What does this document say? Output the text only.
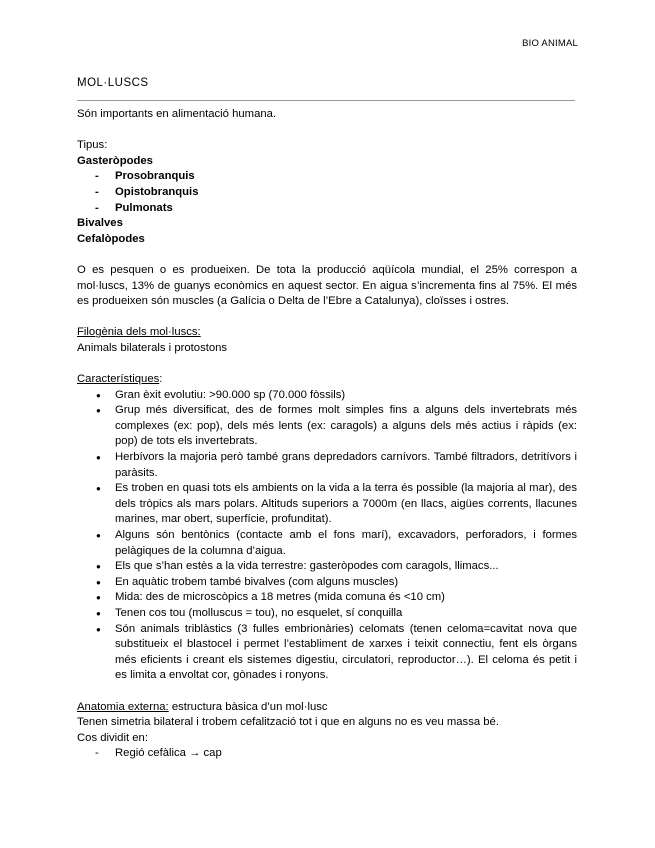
BIO ANIMAL
MOL·LUSCS

Són importants en alimentació humana.

Tipus:

Gasteròpodes

- Prosobranquis
- Opistobranquis
- Pulmonats

Bivalves

Cefalòpodes

O es pesquen o es produeixen. De tota la producció aqüícola mundial, el 25% correspon a mol·luscs, 13% de guanys econòmics en aquest sector. En aigua s’incrementa fins al 75%. El més es produeixen són muscles (a Galícia o Delta de l’Ebre a Catalunya), cloïsses i ostres.

Filogènia dels mol·luscs:

Animals bilaterals i protostons

Característiques:

● Gran èxit evolutiu: >90.000 sp (70.000 fòssils)
● Grup més diversificat, des de formes molt simples fins a alguns dels invertebrats més complexes (ex: pop), dels més lents (ex: caragols) a alguns dels més actius i ràpids (ex: pop) de tots els invertebrats.
● Herbívors la majoria però també grans depredadors carnívors. També filtradors, detritívors i paràsits.
● Es troben en quasi tots els ambients on la vida a la terra és possible (la majoria al mar), des dels tròpics als mars polars. Altituds superiors a 7000m (en llacs, aigües corrents, llacunes marines, mar obert, superfície, profunditat).
● Alguns són bentònics (contacte amb el fons marí), excavadors, perforadors, i formes pelàgiques de la columna d’aigua.
● Els que s’han estès a la vida terrestre: gasteròpodes com caragols, llimacs...
● En aquàtic trobem també bivalves (com alguns muscles)
● Mida: des de microscòpics a 18 metres (mida comuna és <10 cm)
● Tenen cos tou (molluscus = tou), no esquelet, sí conquilla
● Són animals triblàstics (3 fulles embrionàries) celomats (tenen celoma=cavitat nova que substitueix el blastocel i permet l’establiment de xarxes i teixit connectiu, fent els òrgans més eficients i creant els sistemes digestiu, circulatori, reproductor…). El celoma és petit i es limita a envoltat cor, gònades i ronyons.

Anatomia externa: estructura bàsica d’un mol·lusc

Tenen simetria bilateral i trobem cefalització tot i que en alguns no es veu massa bé.

Cos dividit en:

- Regió cefàlica → cap
